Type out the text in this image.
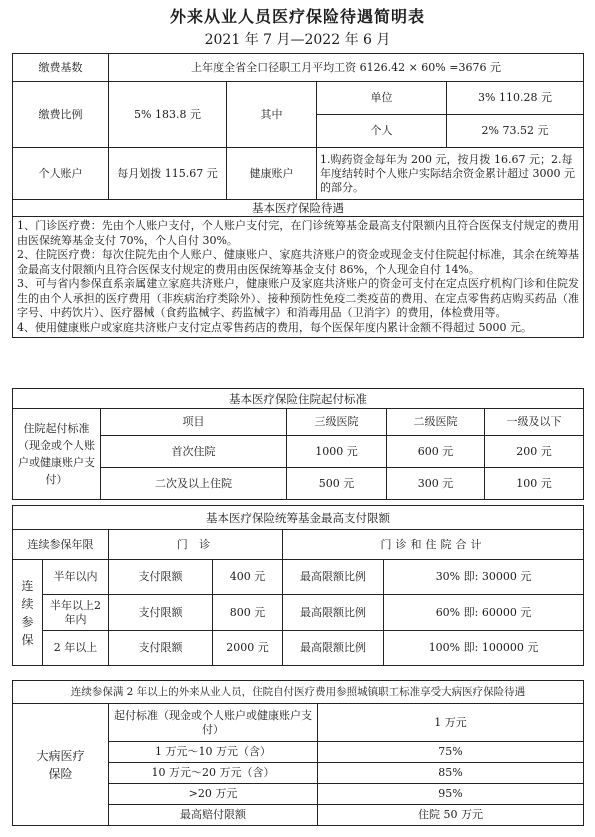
外来从业人员医疗保险待遇简明表
2021 年 7 月—2022 年 6 月
缴费基数	上年度全省全口径职工月平均工资 6126.42 × 60% =3676 元			
缴费比例	5% 183.8 元	其中	单位	3% 110.28 元
			个人	2% 73.52 元
个人账户	每月划拨 115.67 元	健康账户	1.购药资金每年为 200 元，按月拨 16.67 元；2.每年度结转时个人账户实际结余资金累计超过 3000 元的部分。	
基本医疗保险待遇				

1、门诊医疗费：先由个人账户支付，个人账户支付完，在门诊统筹基金最高支付限额内且符合医保支付规定的费用由医保统筹基金支付 70%，个人自付 30%。
2、住院医疗费：每次住院先由个人账户、健康账户、家庭共济账户的资金或现金支付住院起付标准，其余在统筹基金最高支付限额内且符合医保支付规定的费用由医保统筹基金支付 86%，个人现金自付 14%。
3、可与省内参保直系亲属建立家庭共济账户，健康账户及家庭共济账户的资金可支付在定点医疗机构门诊和住院发生的由个人承担的医疗费用（非疾病治疗类除外）、接种预防性免疫二类疫苗的费用、在定点零售药店购买药品（准字号、中药饮片）、医疗器械（食药监械字、药监械字）和消毒用品（卫消字）的费用，体检费用等。
4、使用健康账户或家庭共济账户支付定点零售药店的费用，每个医保年度内累计金额不得超过 5000 元。				
基本医疗保险住院起付标准				
住院起付标准（现金或个人账户或健康账户支付）	项目	三级医院	二级医院	一级及以下
	首次住院	1000 元	600 元	200 元
	二次及以上住院	500 元	300 元	100 元
基本医疗保险统筹基金最高支付限额					
连续参保年限		门 诊		门诊和住院合计	
连续参保	半年以内	支付限额	400 元	最高限额比例	30% 即: 30000 元
	半年以上2年内	支付限额	800 元	最高限额比例	60% 即: 60000 元
	2 年以上	支付限额	2000 元	最高限额比例	100% 即: 100000 元
连续参保满 2 年以上的外来从业人员，住院自付医疗费用参照城镇职工标准享受大病医疗保险待遇		
大病医疗保险	起付标准（现金或个人账户或健康账户支付）	1 万元
	1 万元～10 万元（含）	75%
	10 万元～20 万元（含）	85%
	>20 万元	95%
	最高赔付限额	住院 50 万元
